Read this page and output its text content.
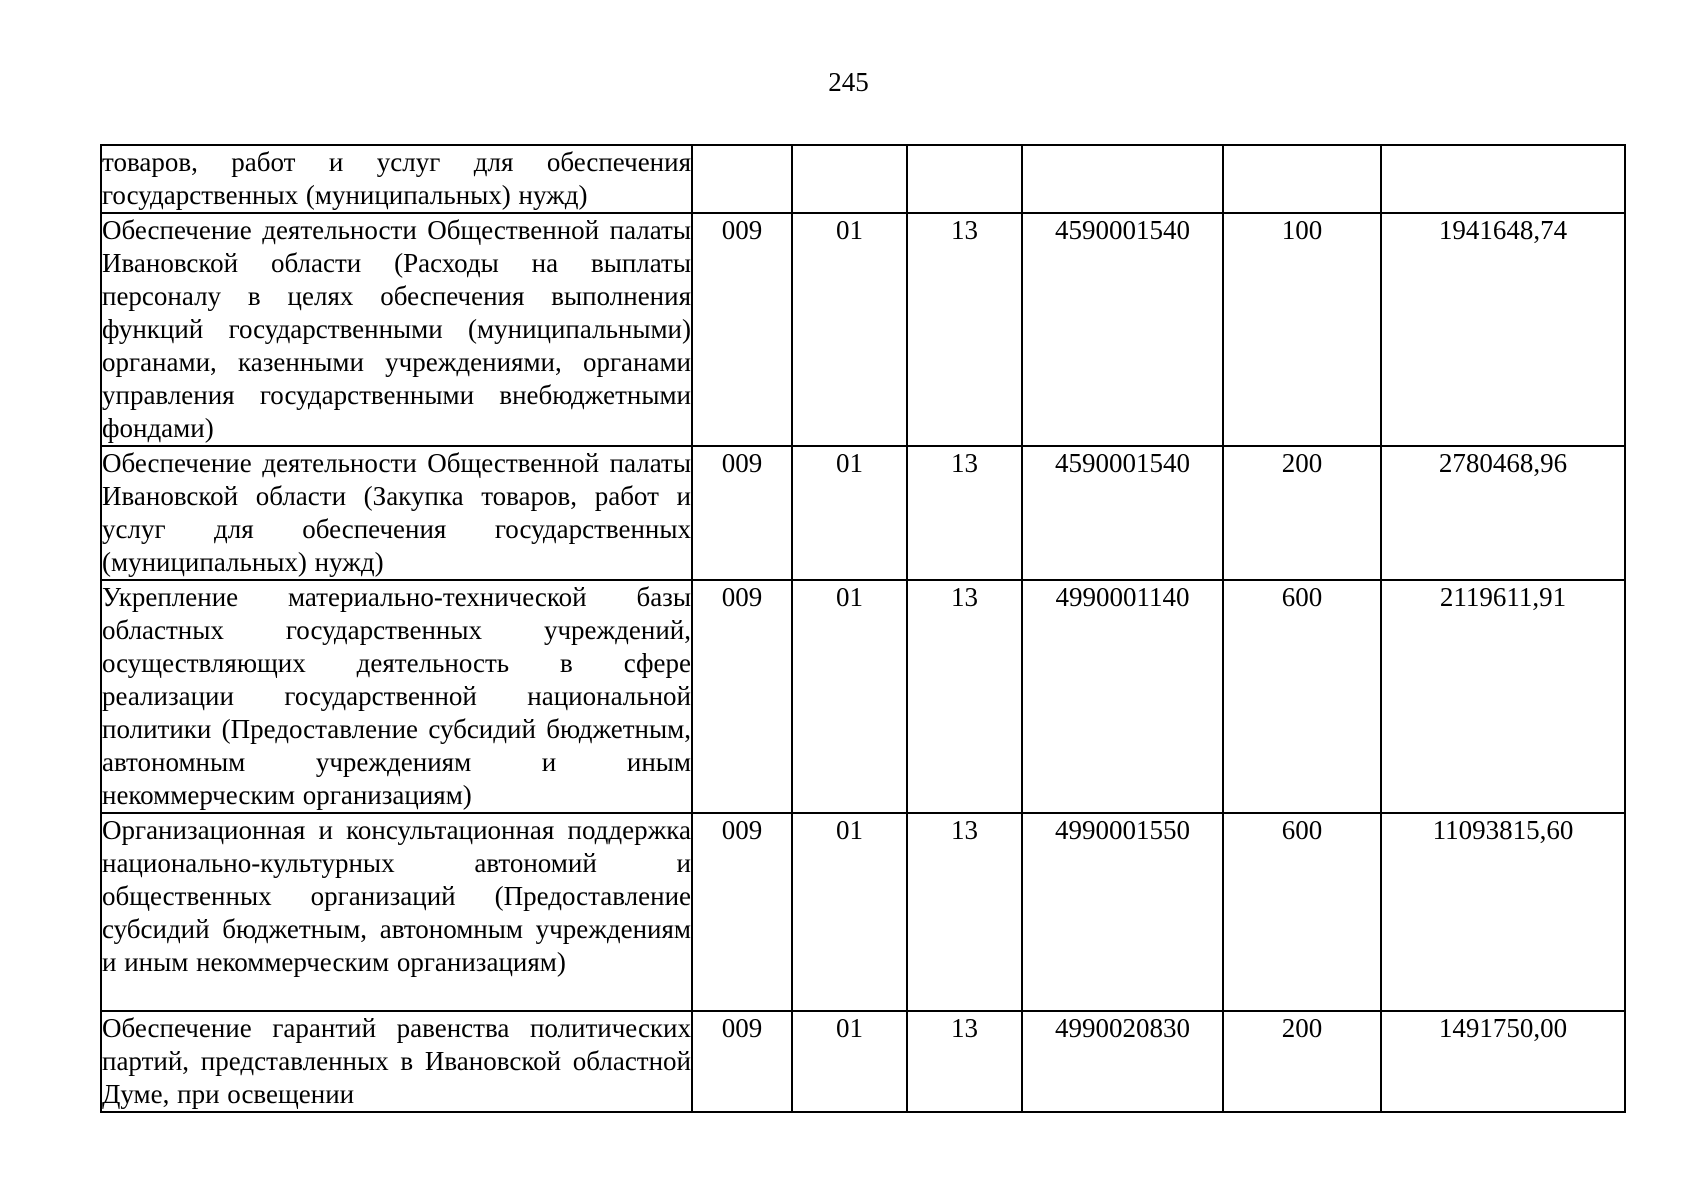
245
товаров, работ и услуг для обеспечения государственных (муниципальных) нужд)						
Обеспечение деятельности Общественной палаты Ивановской области (Расходы на выплаты персоналу в целях обеспечения выполнения функций государственными (муниципальными) органами, казенными учреждениями, органами управления государственными внебюджетными фондами)	009	01	13	4590001540	100	1941648,74
Обеспечение деятельности Общественной палаты Ивановской области (Закупка товаров, работ и услуг для обеспечения государственных (муниципальных) нужд)	009	01	13	4590001540	200	2780468,96
Укрепление материально-технической базы областных государственных учреждений, осуществляющих деятельность в сфере реализации государственной национальной политики (Предоставление субсидий бюджетным, автономным учреждениям и иным некоммерческим организациям)	009	01	13	4990001140	600	2119611,91
Организационная и консультационная поддержка национально-культурных автономий и общественных организаций (Предоставление субсидий бюджетным, автономным учреждениям и иным некоммерческим организациям)	009	01	13	4990001550	600	11093815,60
Обеспечение гарантий равенства политических партий, представленных в Ивановской областной Думе, при освещении	009	01	13	4990020830	200	1491750,00
